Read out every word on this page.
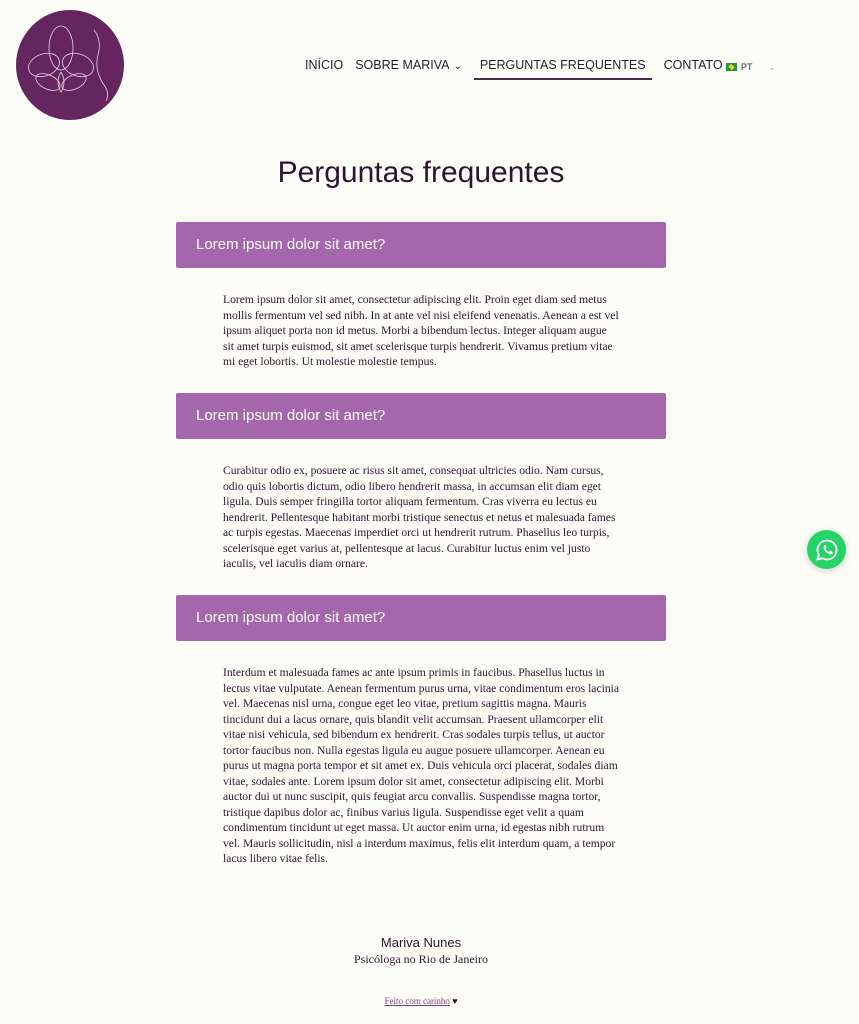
INÍCIO SOBRE MARIVA ⌄	PERGUNTAS FREQUENTES	CONTATO PT ⌄
Perguntas frequentes
Lorem ipsum dolor sit amet?
Lorem ipsum dolor sit amet, consectetur adipiscing elit. Proin eget diam sed metus mollis fermentum vel sed nibh. In at ante vel nisi eleifend venenatis. Aenean a est vel ipsum aliquet porta non id metus. Morbi a bibendum lectus. Integer aliquam augue sit amet turpis euismod, sit amet scelerisque turpis hendrerit. Vivamus pretium vitae mi eget lobortis. Ut molestie molestie tempus.
Lorem ipsum dolor sit amet?
Curabitur odio ex, posuere ac risus sit amet, consequat ultricies odio. Nam cursus, odio quis lobortis dictum, odio libero hendrerit massa, in accumsan elit diam eget ligula. Duis semper fringilla tortor aliquam fermentum. Cras viverra eu lectus eu hendrerit. Pellentesque habitant morbi tristique senectus et netus et malesuada fames ac turpis egestas. Maecenas imperdiet orci ut hendrerit rutrum. Phasellus leo turpis, scelerisque eget varius at, pellentesque at lacus. Curabitur luctus enim vel justo iaculis, vel iaculis diam ornare.
Lorem ipsum dolor sit amet?
Interdum et malesuada fames ac ante ipsum primis in faucibus. Phasellus luctus in lectus vitae vulputate. Aenean fermentum purus urna, vitae condimentum eros lacinia vel. Maecenas nisl urna, congue eget leo vitae, pretium sagittis magna. Mauris tincidunt dui a lacus ornare, quis blandit velit accumsan. Praesent ullamcorper elit vitae nisi vehicula, sed bibendum ex hendrerit. Cras sodales turpis tellus, ut auctor tortor faucibus non. Nulla egestas ligula eu augue posuere ullamcorper. Aenean eu purus ut magna porta tempor et sit amet ex. Duis vehicula orci placerat, sodales diam vitae, sodales ante. Lorem ipsum dolor sit amet, consectetur adipiscing elit. Morbi auctor dui ut nunc suscipit, quis feugiat arcu convallis. Suspendisse magna tortor, tristique dapibus dolor ac, finibus varius ligula. Suspendisse eget velit a quam condimentum tincidunt ut eget massa. Ut auctor enim urna, id egestas nibh rutrum vel. Mauris sollicitudin, nisl a interdum maximus, felis elit interdum quam, a tempor lacus libero vitae felis.
Mariva Nunes
Psicóloga no Rio de Janeiro
Feito com carinho ♥
